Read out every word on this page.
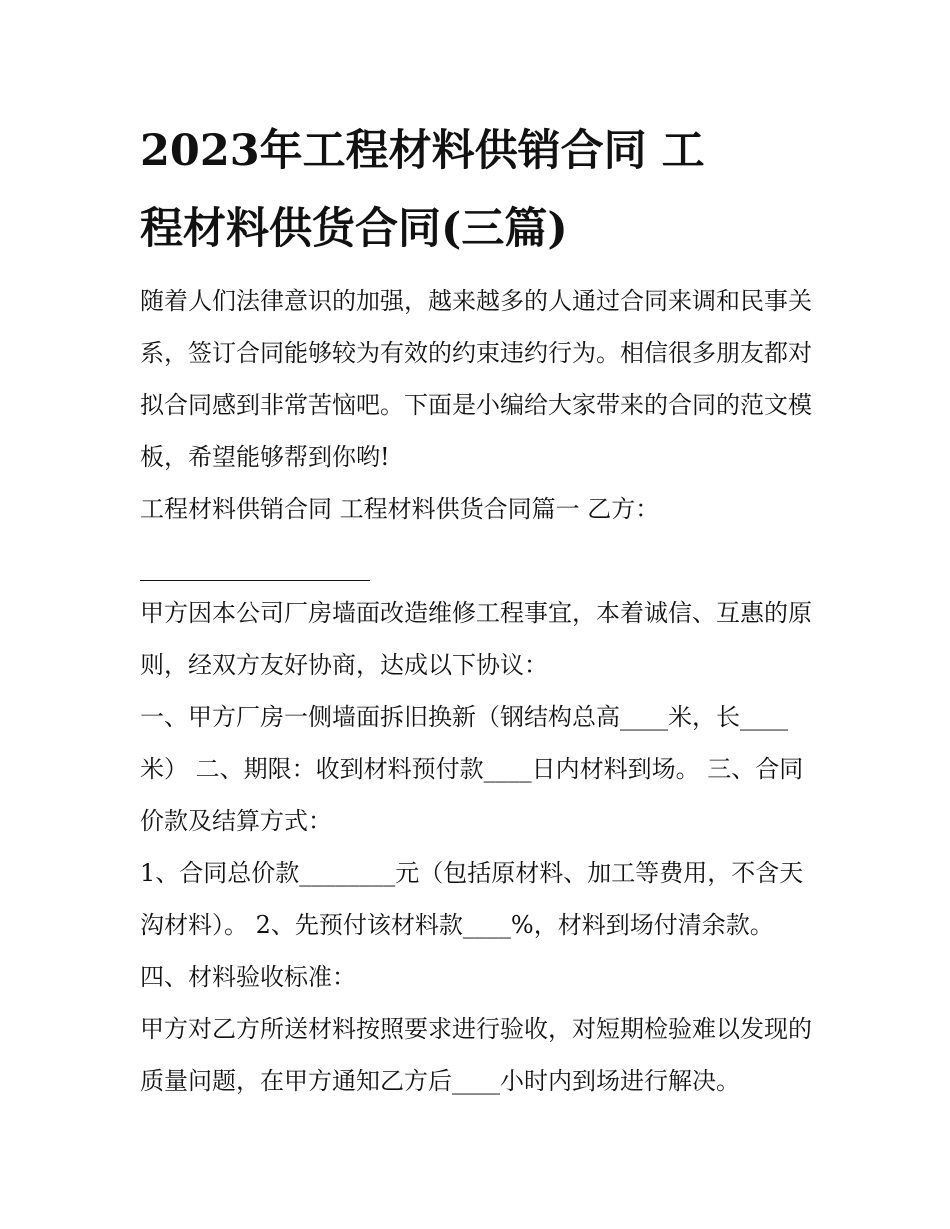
2023年工程材料供销合同 工
程材料供货合同(三篇)

随着人们法律意识的加强，越来越多的人通过合同来调和民事关系，签订合同能够较为有效的约束违约行为。相信很多朋友都对拟合同感到非常苦恼吧。下面是小编给大家带来的合同的范文模板，希望能够帮到你哟!

工程材料供销合同 工程材料供货合同篇一 乙方：

甲方因本公司厂房墙面改造维修工程事宜，本着诚信、互惠的原则，经双方友好协商，达成以下协议：

一、甲方厂房一侧墙面拆旧换新（钢结构总高____米，长____米） 二、期限：收到材料预付款____日内材料到场。 三、合同价款及结算方式：

1、合同总价款________元（包括原材料、加工等费用，不含天沟材料）。 2、先预付该材料款____%，材料到场付清余款。 四、材料验收标准：

甲方对乙方所送材料按照要求进行验收，对短期检验难以发现的质量问题，在甲方通知乙方后____小时内到场进行解决。
